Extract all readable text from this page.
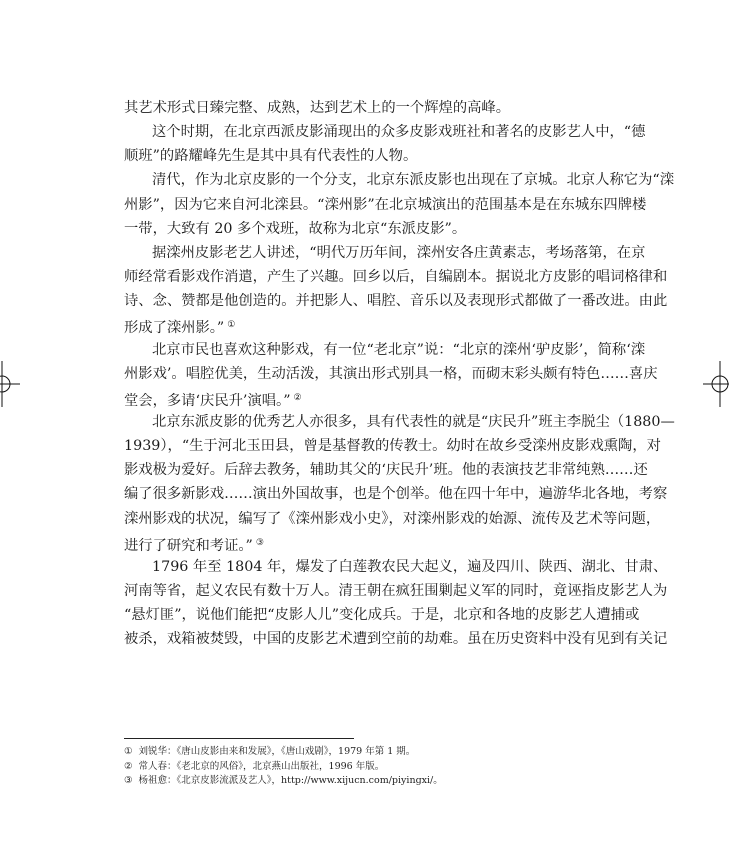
其艺术形式日臻完整、成熟，达到艺术上的一个辉煌的高峰。
这个时期，在北京西派皮影涌现出的众多皮影戏班社和著名的皮影艺人中，“德
顺班”的路耀峰先生是其中具有代表性的人物。
清代，作为北京皮影的一个分支，北京东派皮影也出现在了京城。北京人称它为“滦
州影”，因为它来自河北滦县。“滦州影”在北京城演出的范围基本是在东城东四牌楼
一带，大致有 20 多个戏班，故称为北京“东派皮影”。
据滦州皮影老艺人讲述，“明代万历年间，滦州安各庄黄素志，考场落第，在京
师经常看影戏作消遣，产生了兴趣。回乡以后，自编剧本。据说北方皮影的唱词格律和
诗、念、赞都是他创造的。并把影人、唱腔、音乐以及表现形式都做了一番改进。由此
形成了滦州影。” ①
北京市民也喜欢这种影戏，有一位“老北京”说：“北京的滦州‘驴皮影’，简称‘滦
州影戏’。唱腔优美，生动活泼，其演出形式别具一格，而砌末彩头颇有特色……喜庆
堂会，多请‘庆民升’演唱。” ②
北京东派皮影的优秀艺人亦很多，具有代表性的就是“庆民升”班主李脱尘（1880—
1939），“生于河北玉田县，曾是基督教的传教士。幼时在故乡受滦州皮影戏熏陶，对
影戏极为爱好。后辞去教务，辅助其父的‘庆民升’班。他的表演技艺非常纯熟……还
编了很多新影戏……演出外国故事，也是个创举。他在四十年中，遍游华北各地，考察
滦州影戏的状况，编写了《滦州影戏小史》，对滦州影戏的始源、流传及艺术等问题，
进行了研究和考证。” ③
1796 年至 1804 年，爆发了白莲教农民大起义，遍及四川、陕西、湖北、甘肃、
河南等省，起义农民有数十万人。清王朝在疯狂围剿起义军的同时，竟诬指皮影艺人为
“悬灯匪”，说他们能把“皮影人儿”变化成兵。于是，北京和各地的皮影艺人遭捕或
被杀，戏箱被焚毁，中国的皮影艺术遭到空前的劫难。虽在历史资料中没有见到有关记
① 刘锐华：《唐山皮影由来和发展》，《唐山戏剧》，1979 年第 1 期。
② 常人春：《老北京的风俗》，北京燕山出版社，1996 年版。
③ 杨祖愈：《北京皮影流派及艺人》，http://www.xijucn.com/piyingxi/。
